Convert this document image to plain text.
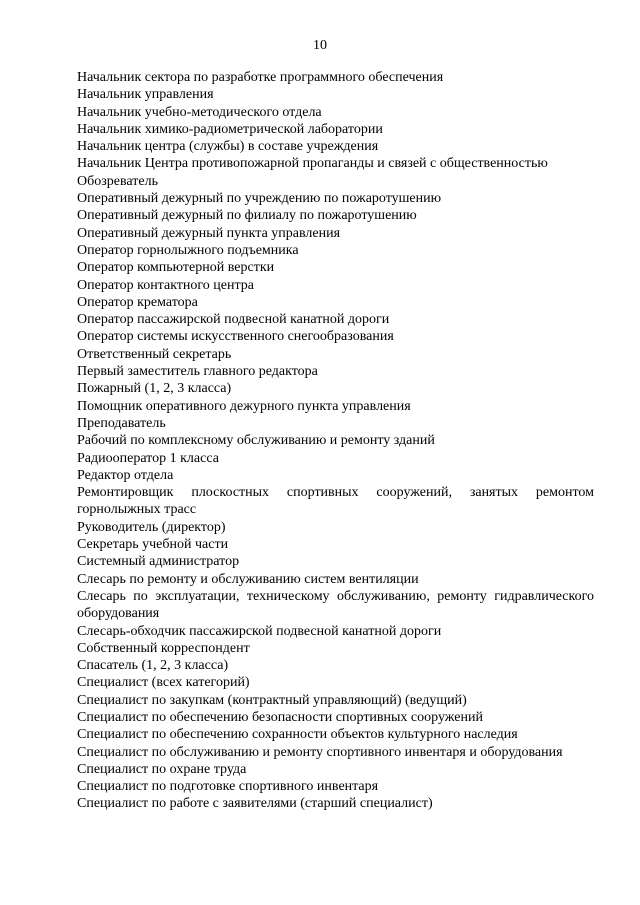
10
Начальник сектора по разработке программного обеспечения
Начальник управления
Начальник учебно-методического отдела
Начальник химико-радиометрической лаборатории
Начальник центра (службы) в составе учреждения
Начальник Центра противопожарной пропаганды и связей с общественностью
Обозреватель
Оперативный дежурный по учреждению по пожаротушению
Оперативный дежурный по филиалу по пожаротушению
Оперативный дежурный пункта управления
Оператор горнолыжного подъемника
Оператор компьютерной верстки
Оператор контактного центра
Оператор крематора
Оператор пассажирской подвесной канатной дороги
Оператор системы искусственного снегообразования
Ответственный секретарь
Первый заместитель главного редактора
Пожарный (1, 2, 3 класса)
Помощник оперативного дежурного пункта управления
Преподаватель
Рабочий по комплексному обслуживанию и ремонту зданий
Радиооператор 1 класса
Редактор отдела
Ремонтировщик плоскостных спортивных сооружений, занятых ремонтом горнолыжных трасс
Руководитель (директор)
Секретарь учебной части
Системный администратор
Слесарь по ремонту и обслуживанию систем вентиляции
Слесарь по эксплуатации, техническому обслуживанию, ремонту гидравлического оборудования
Слесарь-обходчик пассажирской подвесной канатной дороги
Собственный корреспондент
Спасатель (1, 2, 3 класса)
Специалист (всех категорий)
Специалист по закупкам (контрактный управляющий) (ведущий)
Специалист по обеспечению безопасности спортивных сооружений
Специалист по обеспечению сохранности объектов культурного наследия
Специалист по обслуживанию и ремонту спортивного инвентаря и оборудования
Специалист по охране труда
Специалист по подготовке спортивного инвентаря
Специалист по работе с заявителями (старший специалист)
